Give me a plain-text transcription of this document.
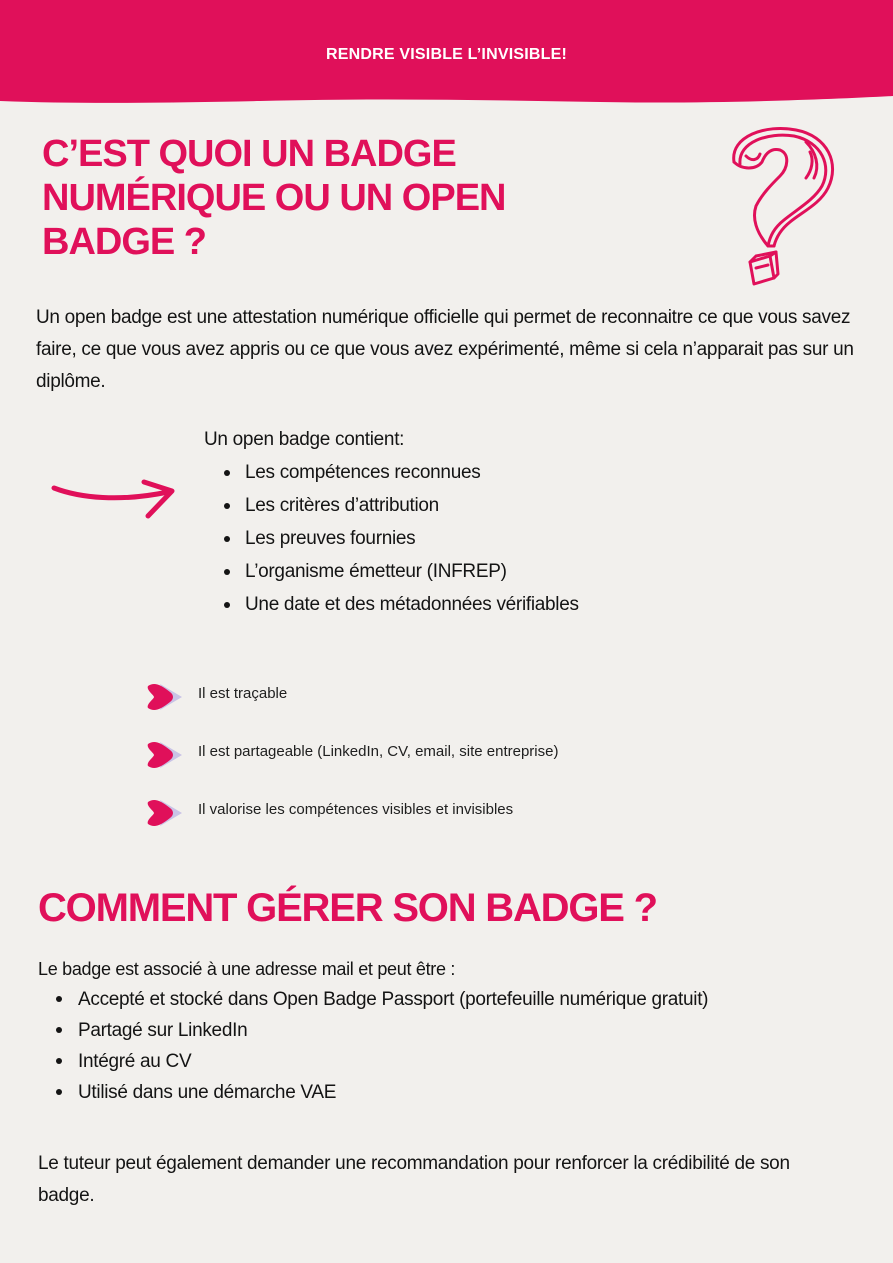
RENDRE VISIBLE L’INVISIBLE!
C’EST QUOI UN BADGE NUMÉRIQUE OU UN OPEN BADGE ?

Un open badge est une attestation numérique officielle qui permet de reconnaitre ce que vous savez faire, ce que vous avez appris ou ce que vous avez expérimenté, même si cela n’apparait pas sur un diplôme.

Un open badge contient:
Les compétences reconnues
Les critères d’attribution
Les preuves fournies
L’organisme émetteur (INFREP)
Une date et des métadonnées vérifiables
Il est traçable
Il est partageable (LinkedIn, CV, email, site entreprise)
Il valorise les compétences visibles et invisibles
COMMENT GÉRER SON BADGE ?
Le badge est associé à une adresse mail et peut être :
Accepté et stocké dans Open Badge Passport (portefeuille numérique gratuit)
Partagé sur LinkedIn
Intégré au CV
Utilisé dans une démarche VAE

Le tuteur peut également demander une recommandation pour renforcer la crédibilité de son badge.
